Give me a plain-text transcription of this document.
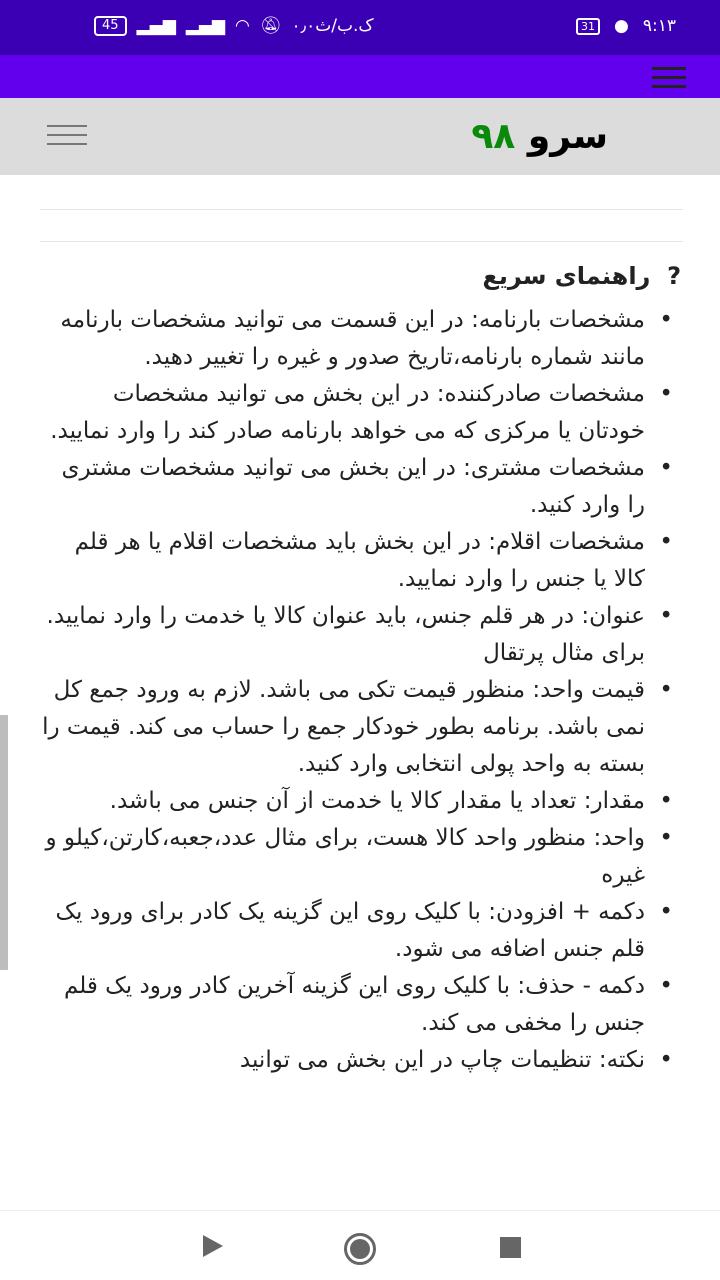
45	▂▄▆ ▂▄▆ ◠ 🔕︎ ۰٫۰ک.ب/ث	31 ● ۹:۱۳
سرو ۹۸
?  راهنمای سریع
• مشخصات بارنامه: در این قسمت می توانید مشخصات بارنامه مانند شماره بارنامه،تاریخ صدور و غیره را تغییر دهید.
• مشخصات صادرکننده: در این بخش می توانید مشخصات خودتان یا مرکزی که می خواهد بارنامه صادر کند را وارد نمایید.
• مشخصات مشتری: در این بخش می توانید مشخصات مشتری را وارد کنید.
• مشخصات اقلام: در این بخش باید مشخصات اقلام یا هر قلم کالا یا جنس را وارد نمایید.
• عنوان: در هر قلم جنس، باید عنوان کالا یا خدمت را وارد نمایید. برای مثال پرتقال
• قیمت واحد: منظور قیمت تکی می باشد. لازم به ورود جمع کل نمی باشد. برنامه بطور خودکار جمع را حساب می کند. قیمت را بسته به واحد پولی انتخابی وارد کنید.
• مقدار: تعداد یا مقدار کالا یا خدمت از آن جنس می باشد.
• واحد: منظور واحد کالا هست، برای مثال عدد،جعبه،کارتن،کیلو و غیره
• دکمه + افزودن: با کلیک روی این گزینه یک کادر برای ورود یک قلم جنس اضافه می شود.
• دکمه - حذف: با کلیک روی این گزینه آخرین کادر ورود یک قلم جنس را مخفی می کند.
• نکته: تنظیمات چاپ در این بخش می توانید
